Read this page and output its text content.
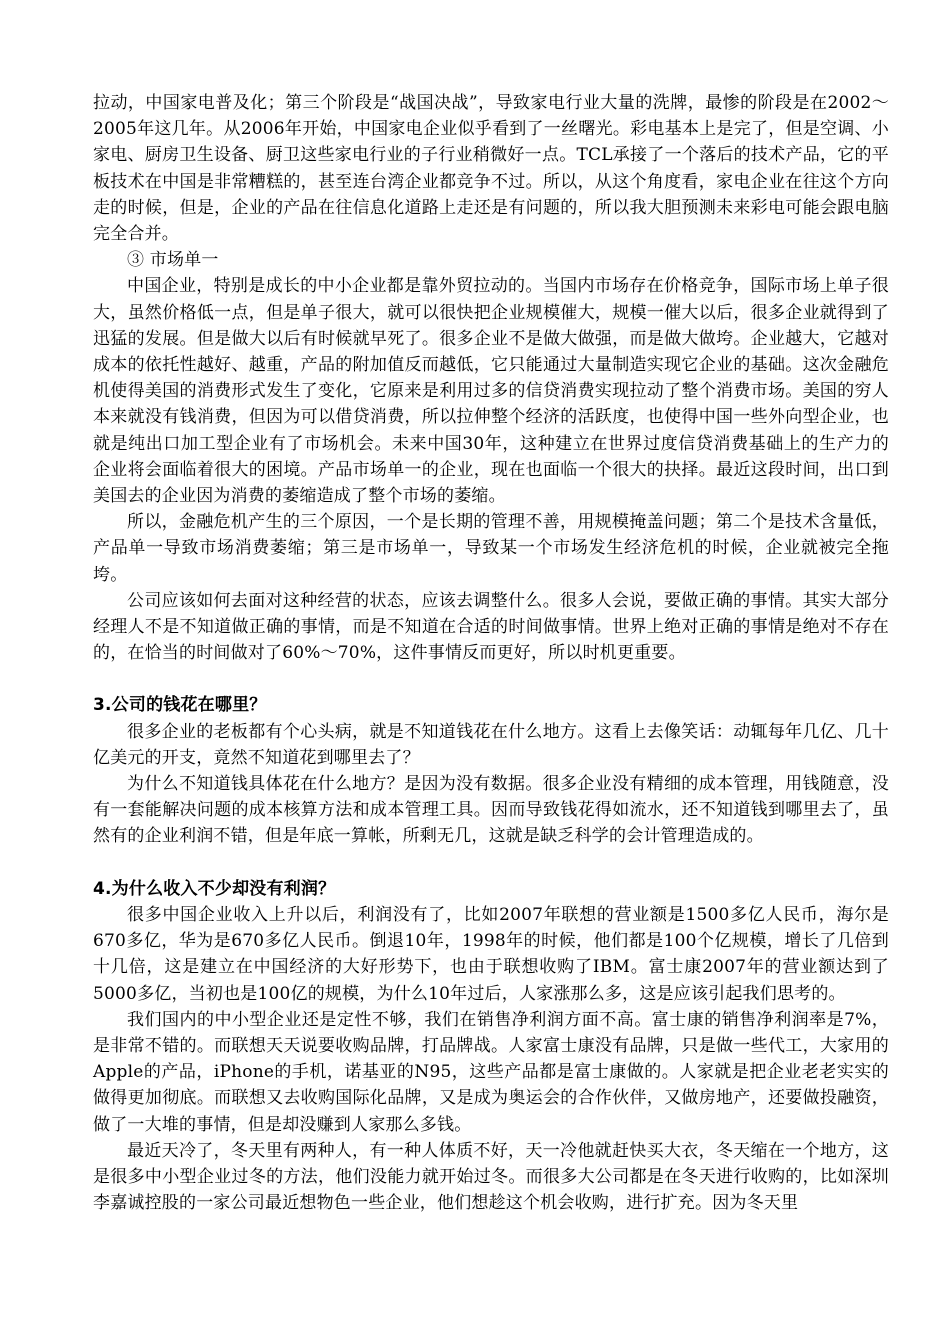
拉动，中国家电普及化；第三个阶段是“战国决战”，导致家电行业大量的洗牌，最惨的阶段是在2002～2005年这几年。从2006年开始，中国家电企业似乎看到了一丝曙光。彩电基本上是完了，但是空调、小家电、厨房卫生设备、厨卫这些家电行业的子行业稍微好一点。TCL承接了一个落后的技术产品，它的平板技术在中国是非常糟糕的，甚至连台湾企业都竞争不过。所以，从这个角度看，家电企业在往这个方向走的时候，但是，企业的产品在往信息化道路上走还是有问题的，所以我大胆预测未来彩电可能会跟电脑完全合并。

③ 市场单一

中国企业，特别是成长的中小企业都是靠外贸拉动的。当国内市场存在价格竞争，国际市场上单子很大，虽然价格低一点，但是单子很大，就可以很快把企业规模催大，规模一催大以后，很多企业就得到了迅猛的发展。但是做大以后有时候就早死了。很多企业不是做大做强，而是做大做垮。企业越大，它越对成本的依托性越好、越重，产品的附加值反而越低，它只能通过大量制造实现它企业的基础。这次金融危机使得美国的消费形式发生了变化，它原来是利用过多的信贷消费实现拉动了整个消费市场。美国的穷人本来就没有钱消费，但因为可以借贷消费，所以拉伸整个经济的活跃度，也使得中国一些外向型企业，也就是纯出口加工型企业有了市场机会。未来中国30年，这种建立在世界过度信贷消费基础上的生产力的企业将会面临着很大的困境。产品市场单一的企业，现在也面临一个很大的抉择。最近这段时间，出口到美国去的企业因为消费的萎缩造成了整个市场的萎缩。

所以，金融危机产生的三个原因，一个是长期的管理不善，用规模掩盖问题；第二个是技术含量低，产品单一导致市场消费萎缩；第三是市场单一，导致某一个市场发生经济危机的时候，企业就被完全拖垮。

公司应该如何去面对这种经营的状态，应该去调整什么。很多人会说，要做正确的事情。其实大部分经理人不是不知道做正确的事情，而是不知道在合适的时间做事情。世界上绝对正确的事情是绝对不存在的，在恰当的时间做对了60%～70%，这件事情反而更好，所以时机更重要。

3.公司的钱花在哪里？

很多企业的老板都有个心头病，就是不知道钱花在什么地方。这看上去像笑话：动辄每年几亿、几十亿美元的开支，竟然不知道花到哪里去了？

为什么不知道钱具体花在什么地方？是因为没有数据。很多企业没有精细的成本管理，用钱随意，没有一套能解决问题的成本核算方法和成本管理工具。因而导致钱花得如流水，还不知道钱到哪里去了，虽然有的企业利润不错，但是年底一算帐，所剩无几，这就是缺乏科学的会计管理造成的。

4.为什么收入不少却没有利润？

很多中国企业收入上升以后，利润没有了，比如2007年联想的营业额是1500多亿人民币，海尔是670多亿，华为是670多亿人民币。倒退10年，1998年的时候，他们都是100个亿规模，增长了几倍到十几倍，这是建立在中国经济的大好形势下，也由于联想收购了IBM。富士康2007年的营业额达到了5000多亿，当初也是100亿的规模，为什么10年过后，人家涨那么多，这是应该引起我们思考的。

我们国内的中小型企业还是定性不够，我们在销售净利润方面不高。富士康的销售净利润率是7%，是非常不错的。而联想天天说要收购品牌，打品牌战。人家富士康没有品牌，只是做一些代工，大家用的Apple的产品，iPhone的手机，诺基亚的N95，这些产品都是富士康做的。人家就是把企业老老实实的做得更加彻底。而联想又去收购国际化品牌，又是成为奥运会的合作伙伴，又做房地产，还要做投融资，做了一大堆的事情，但是却没赚到人家那么多钱。

最近天冷了，冬天里有两种人，有一种人体质不好，天一冷他就赶快买大衣，冬天缩在一个地方，这是很多中小型企业过冬的方法，他们没能力就开始过冬。而很多大公司都是在冬天进行收购的，比如深圳李嘉诚控股的一家公司最近想物色一些企业，他们想趁这个机会收购，进行扩充。因为冬天里
